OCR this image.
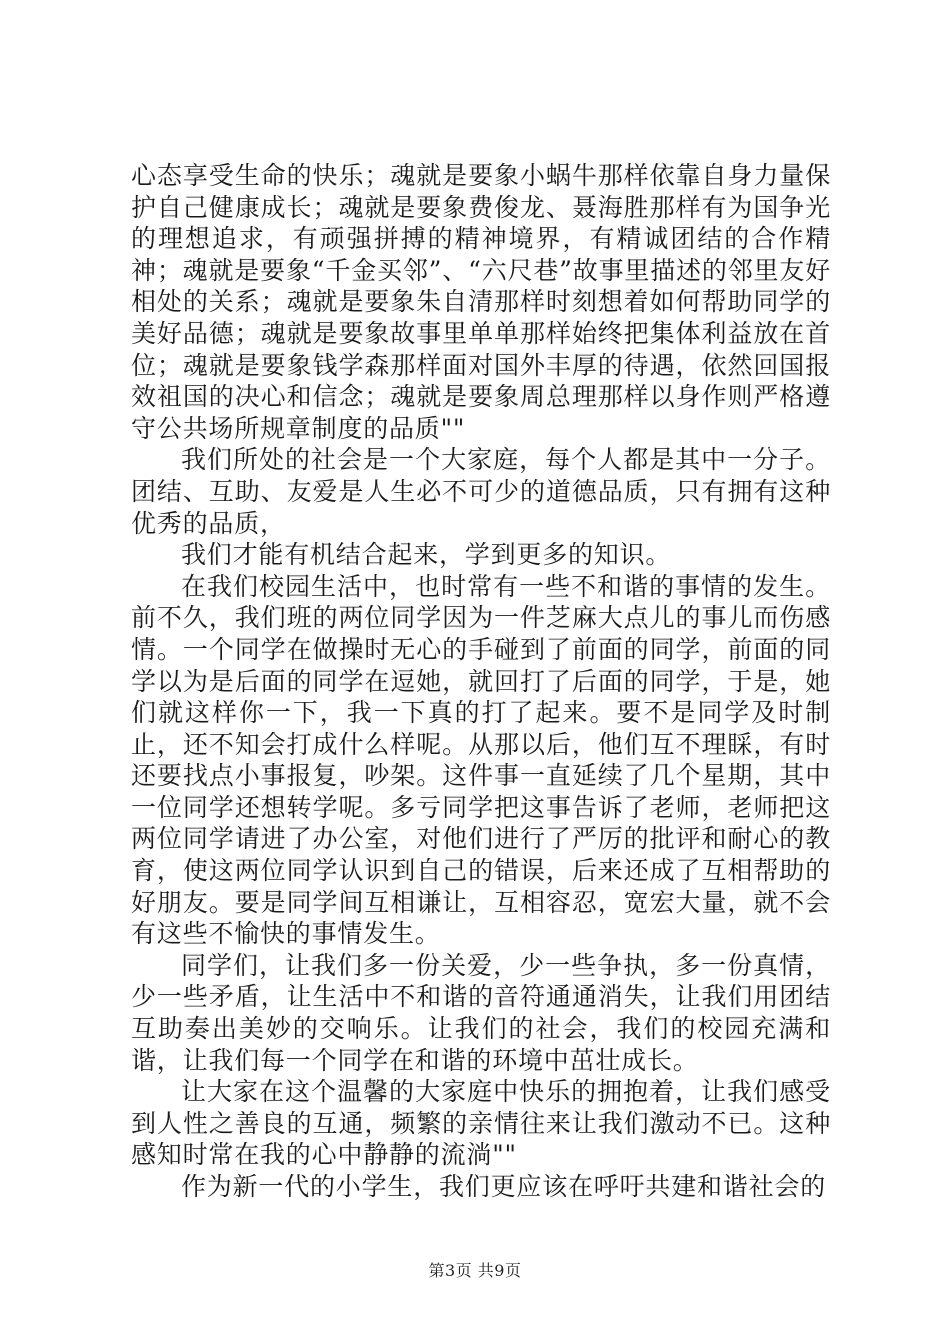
心态享受生命的快乐；魂就是要象小蜗牛那样依靠自身力量保护自己健康成长；魂就是要象费俊龙、聂海胜那样有为国争光的理想追求，有顽强拼搏的精神境界，有精诚团结的合作精神；魂就是要象“千金买邻”、“六尺巷”故事里描述的邻里友好相处的关系；魂就是要象朱自清那样时刻想着如何帮助同学的美好品德；魂就是要象故事里单单那样始终把集体利益放在首位；魂就是要象钱学森那样面对国外丰厚的待遇，依然回国报效祖国的决心和信念；魂就是要象周总理那样以身作则严格遵守公共场所规章制度的品质""

我们所处的社会是一个大家庭，每个人都是其中一分子。团结、互助、友爱是人生必不可少的道德品质，只有拥有这种优秀的品质，

我们才能有机结合起来，学到更多的知识。

在我们校园生活中，也时常有一些不和谐的事情的发生。前不久，我们班的两位同学因为一件芝麻大点儿的事儿而伤感情。一个同学在做操时无心的手碰到了前面的同学，前面的同学以为是后面的同学在逗她，就回打了后面的同学，于是，她们就这样你一下，我一下真的打了起来。要不是同学及时制止，还不知会打成什么样呢。从那以后，他们互不理睬，有时还要找点小事报复，吵架。这件事一直延续了几个星期，其中一位同学还想转学呢。多亏同学把这事告诉了老师，老师把这两位同学请进了办公室，对他们进行了严厉的批评和耐心的教育，使这两位同学认识到自己的错误，后来还成了互相帮助的好朋友。要是同学间互相谦让，互相容忍，宽宏大量，就不会有这些不愉快的事情发生。

同学们，让我们多一份关爱，少一些争执，多一份真情，少一些矛盾，让生活中不和谐的音符通通消失，让我们用团结互助奏出美妙的交响乐。让我们的社会，我们的校园充满和谐，让我们每一个同学在和谐的环境中茁壮成长。

让大家在这个温馨的大家庭中快乐的拥抱着，让我们感受到人性之善良的互通，频繁的亲情往来让我们激动不已。这种感知时常在我的心中静静的流淌""

作为新一代的小学生，我们更应该在呼吁共建和谐社会的

第3页 共9页
